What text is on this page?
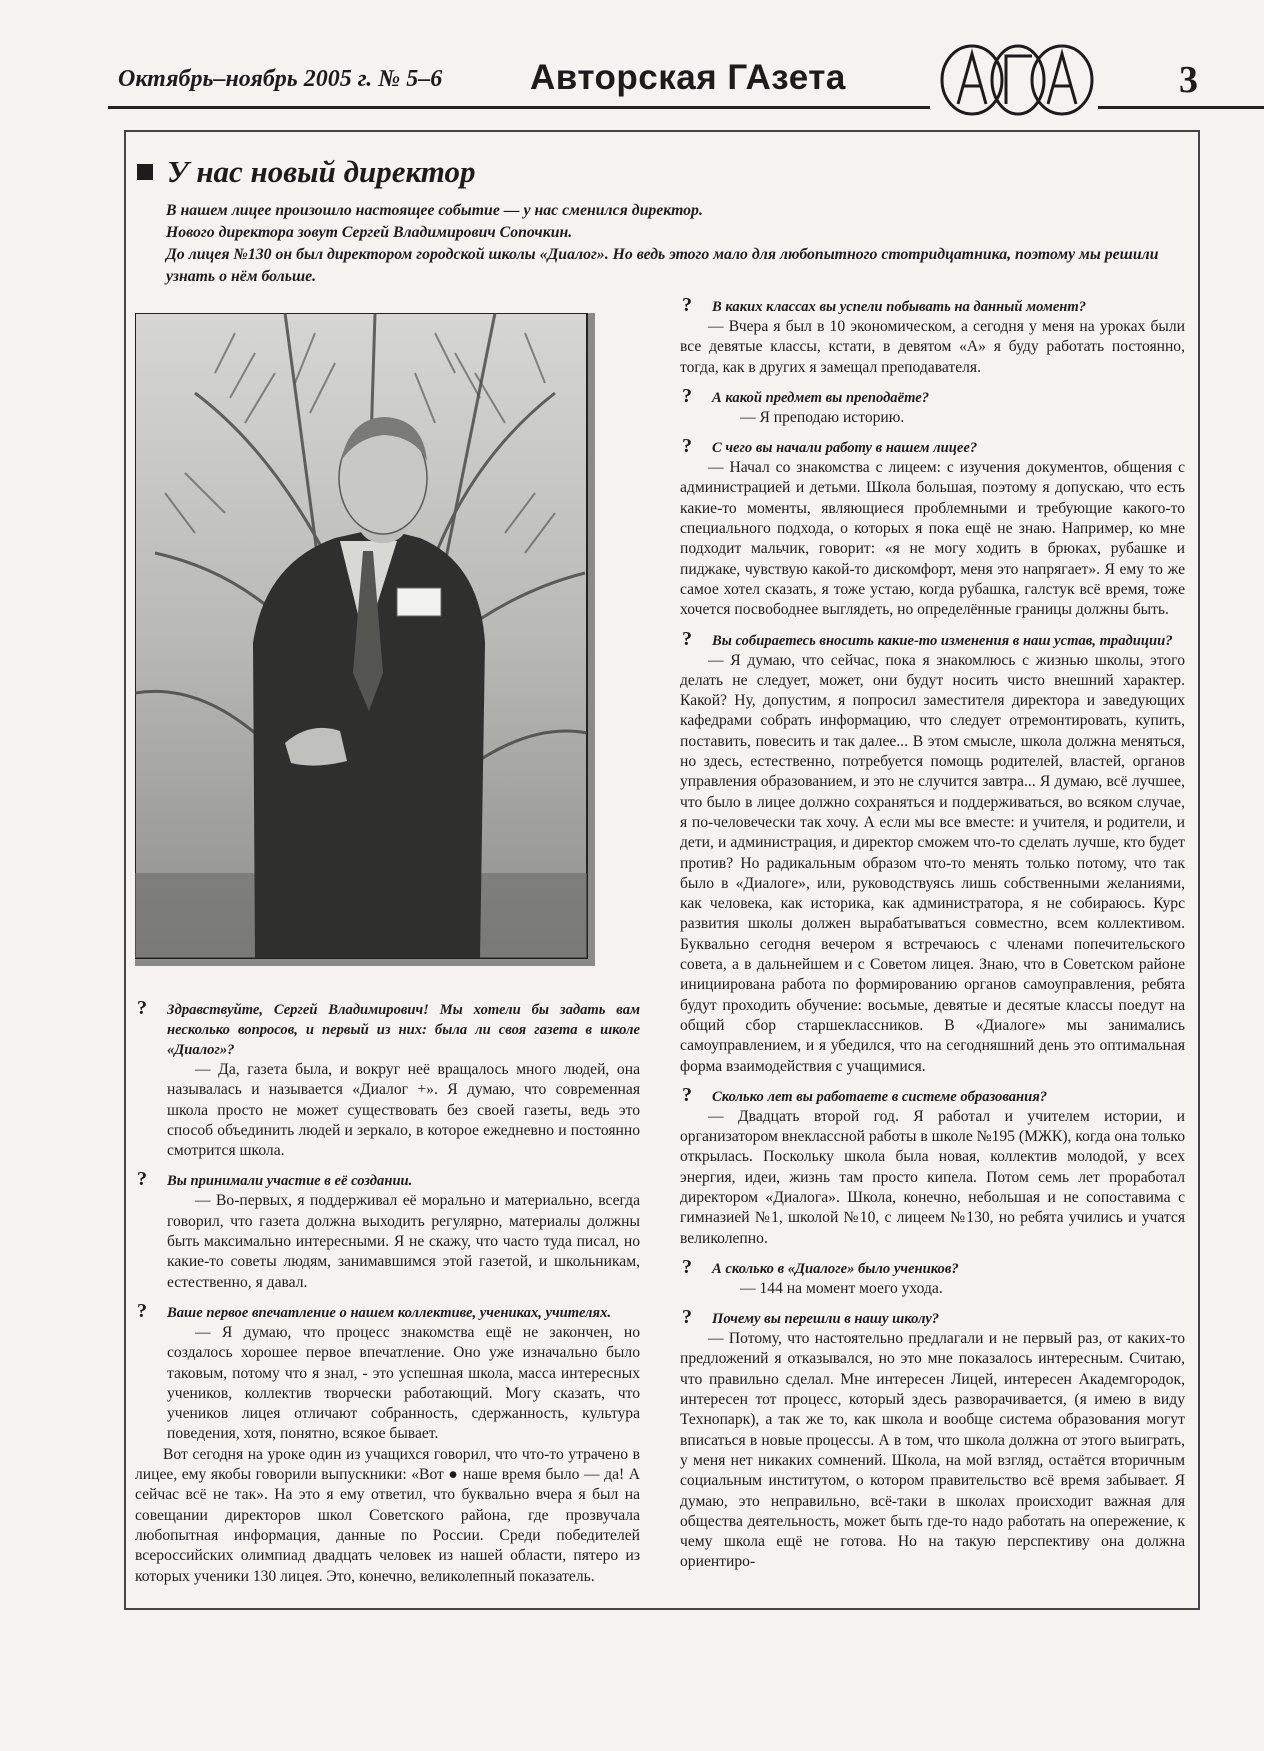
Октябрь–ноябрь 2005 г. № 5–6	Авторская ГАзета	3
У нас новый директор

В нашем лицее произошло настоящее событие — у нас сменился директор.

Нового директора зовут Сергей Владимирович Сопочкин.

До лицея №130 он был директором городской школы «Диалог». Но ведь этого мало для любопытного стотридцатника, поэтому мы решили узнать о нём больше.

? Здравствуйте, Сергей Владимирович! Мы хотели бы задать вам несколько вопросов, и первый из них: была ли своя газета в школе «Диалог»?

— Да, газета была, и вокруг неё вращалось много людей, она называлась и называется «Диалог +». Я думаю, что современная школа просто не может существовать без своей газеты, ведь это способ объединить людей и зеркало, в которое ежедневно и постоянно смотрится школа.

? Вы принимали участие в её создании.

— Во-первых, я поддерживал её морально и материально, всегда говорил, что газета должна выходить регулярно, материалы должны быть максимально интересными. Я не скажу, что часто туда писал, но какие-то советы людям, занимавшимся этой газетой, и школьникам, естественно, я давал.

? Ваше первое впечатление о нашем коллективе, учениках, учителях.

— Я думаю, что процесс знакомства ещё не закончен, но создалось хорошее первое впечатление. Оно уже изначально было таковым, потому что я знал, - это успешная школа, масса интересных учеников, коллектив творчески работающий. Могу сказать, что учеников лицея отличают собранность, сдержанность, культура поведения, хотя, понятно, всякое бывает.

Вот сегодня на уроке один из учащихся говорил, что что-то утрачено в лицее, ему якобы говорили выпускники: «Вот ● наше время было — да! А сейчас всё не так». На это я ему ответил, что буквально вчера я был на совещании директоров школ Советского района, где прозвучала любопытная информация, данные по России. Среди победителей всероссийских олимпиад двадцать человек из нашей области, пятеро из которых ученики 130 лицея. Это, конечно, великолепный показатель.

? В каких классах вы успели побывать на данный момент?

— Вчера я был в 10 экономическом, а сегодня у меня на уроках были все девятые классы, кстати, в девятом «А» я буду работать постоянно, тогда, как в других я замещал преподавателя.

? А какой предмет вы преподаёте?

— Я преподаю историю.

? С чего вы начали работу в нашем лицее?

— Начал со знакомства с лицеем: с изучения документов, общения с администрацией и детьми. Школа большая, поэтому я допускаю, что есть какие-то моменты, являющиеся проблемными и требующие какого-то специального подхода, о которых я пока ещё не знаю. Например, ко мне подходит мальчик, говорит: «я не могу ходить в брюках, рубашке и пиджаке, чувствую какой-то дискомфорт, меня это напрягает». Я ему то же самое хотел сказать, я тоже устаю, когда рубашка, галстук всё время, тоже хочется посвободнее выглядеть, но определённые границы должны быть.

? Вы собираетесь вносить какие-то изменения в наш устав, традиции?

— Я думаю, что сейчас, пока я знакомлюсь с жизнью школы, этого делать не следует, может, они будут носить чисто внешний характер. Какой? Ну, допустим, я попросил заместителя директора и заведующих кафедрами собрать информацию, что следует отремонтировать, купить, поставить, повесить и так далее... В этом смысле, школа должна меняться, но здесь, естественно, потребуется помощь родителей, властей, органов управления образованием, и это не случится завтра... Я думаю, всё лучшее, что было в лицее должно сохраняться и поддерживаться, во всяком случае, я по-человечески так хочу. А если мы все вместе: и учителя, и родители, и дети, и администрация, и директор сможем что-то сделать лучше, кто будет против? Но радикальным образом что-то менять только потому, что так было в «Диалоге», или, руководствуясь лишь собственными желаниями, как человека, как историка, как администратора, я не собираюсь. Курс развития школы должен вырабатываться совместно, всем коллективом. Буквально сегодня вечером я встречаюсь с членами попечительского совета, а в дальнейшем и с Советом лицея. Знаю, что в Советском районе инициирована работа по формированию органов самоуправления, ребята будут проходить обучение: восьмые, девятые и десятые классы поедут на общий сбор старшеклассников. В «Диалоге» мы занимались самоуправлением, и я убедился, что на сегодняшний день это оптимальная форма взаимодействия с учащимися.

? Сколько лет вы работаете в системе образования?

— Двадцать второй год. Я работал и учителем истории, и организатором внеклассной работы в школе №195 (МЖК), когда она только открылась. Поскольку школа была новая, коллектив молодой, у всех энергия, идеи, жизнь там просто кипела. Потом семь лет проработал директором «Диалога». Школа, конечно, небольшая и не сопоставима с гимназией №1, школой №10, с лицеем №130, но ребята учились и учатся великолепно.

? А сколько в «Диалоге» было учеников?

— 144 на момент моего ухода.

? Почему вы перешли в нашу школу?

— Потому, что настоятельно предлагали и не первый раз, от каких-то предложений я отказывался, но это мне показалось интересным. Считаю, что правильно сделал. Мне интересен Лицей, интересен Академгородок, интересен тот процесс, который здесь разворачивается, (я имею в виду Технопарк), а так же то, как школа и вообще система образования могут вписаться в новые процессы. А в том, что школа должна от этого выиграть, у меня нет никаких сомнений. Школа, на мой взгляд, остаётся вторичным социальным институтом, о котором правительство всё время забывает. Я думаю, это неправильно, всё-таки в школах происходит важная для общества деятельность, может быть где-то надо работать на опережение, к чему школа ещё не готова. Но на такую перспективу она должна ориентиро-
